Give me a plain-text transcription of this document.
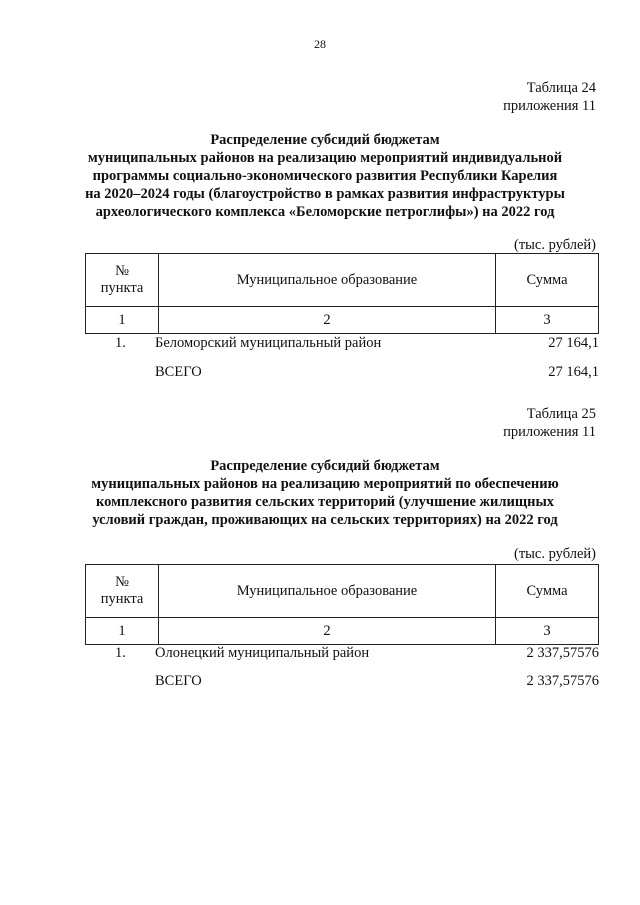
28
Таблица 24
приложения 11
Распределение субсидий бюджетам
муниципальных районов на реализацию мероприятий индивидуальной
программы социально-экономического развития Республики Карелия
на 2020–2024 годы (благоустройство в рамках развития инфраструктуры
археологического комплекса «Беломорские петроглифы») на 2022 год
(тыс. рублей)
№
пункта	Муниципальное образование	Сумма
1	2	3
1. Беломорский муниципальный район	27 164,1
ВСЕГО	27 164,1
Таблица 25
приложения 11
Распределение субсидий бюджетам
муниципальных районов на реализацию мероприятий по обеспечению
комплексного развития сельских территорий (улучшение жилищных
условий граждан, проживающих на сельских территориях) на 2022 год
(тыс. рублей)
№
пункта	Муниципальное образование	Сумма
1	2	3
1. Олонецкий муниципальный район	2 337,57576
ВСЕГО	2 337,57576
